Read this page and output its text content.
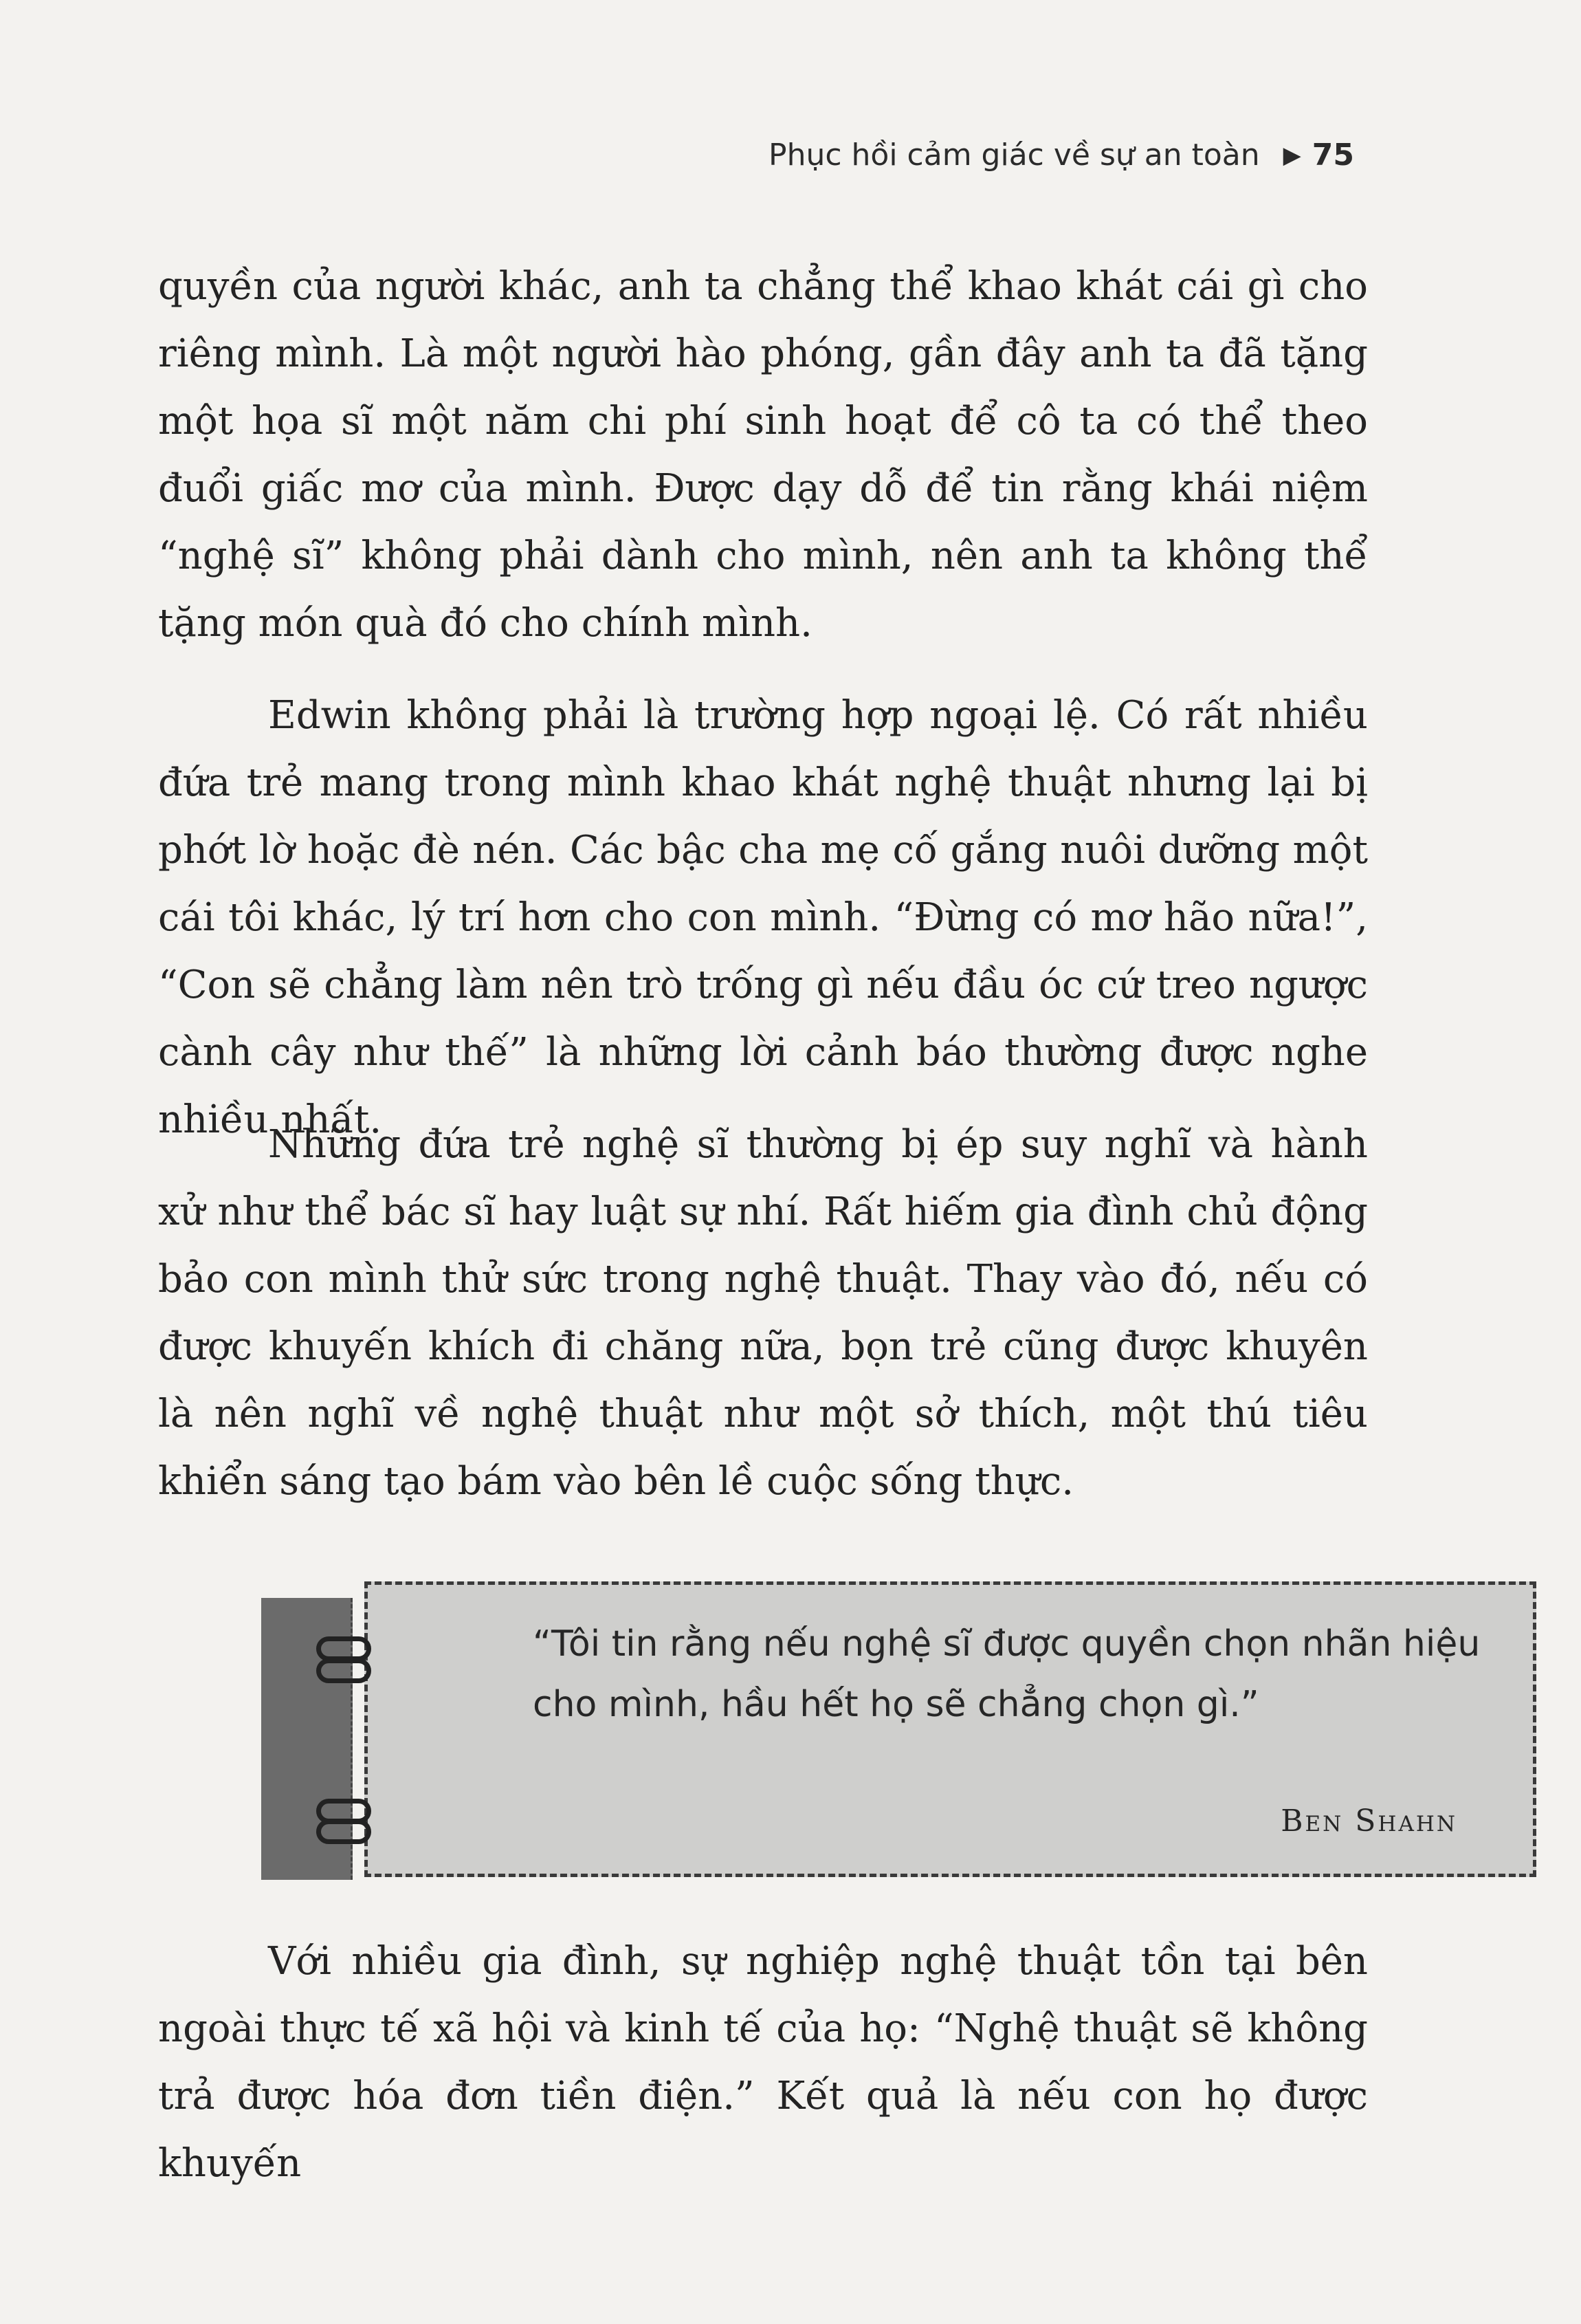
Phục hồi cảm giác về sự an toàn ▶ 75

quyền của người khác, anh ta chẳng thể khao khát cái gì cho riêng mình. Là một người hào phóng, gần đây anh ta đã tặng một họa sĩ một năm chi phí sinh hoạt để cô ta có thể theo đuổi giấc mơ của mình. Được dạy dỗ để tin rằng khái niệm “nghệ sĩ” không phải dành cho mình, nên anh ta không thể tặng món quà đó cho chính mình.

Edwin không phải là trường hợp ngoại lệ. Có rất nhiều đứa trẻ mang trong mình khao khát nghệ thuật nhưng lại bị phớt lờ hoặc đè nén. Các bậc cha mẹ cố gắng nuôi dưỡng một cái tôi khác, lý trí hơn cho con mình. “Đừng có mơ hão nữa!”, “Con sẽ chẳng làm nên trò trống gì nếu đầu óc cứ treo ngược cành cây như thế” là những lời cảnh báo thường được nghe nhiều nhất.

Những đứa trẻ nghệ sĩ thường bị ép suy nghĩ và hành xử như thể bác sĩ hay luật sự nhí. Rất hiếm gia đình chủ động bảo con mình thử sức trong nghệ thuật. Thay vào đó, nếu có được khuyến khích đi chăng nữa, bọn trẻ cũng được khuyên là nên nghĩ về nghệ thuật như một sở thích, một thú tiêu khiển sáng tạo bám vào bên lề cuộc sống thực.

“Tôi tin rằng nếu nghệ sĩ được quyền chọn nhãn hiệu cho mình, hầu hết họ sẽ chẳng chọn gì.”
Ben Shahn

Với nhiều gia đình, sự nghiệp nghệ thuật tồn tại bên ngoài thực tế xã hội và kinh tế của họ: “Nghệ thuật sẽ không trả được hóa đơn tiền điện.” Kết quả là nếu con họ được khuyến
